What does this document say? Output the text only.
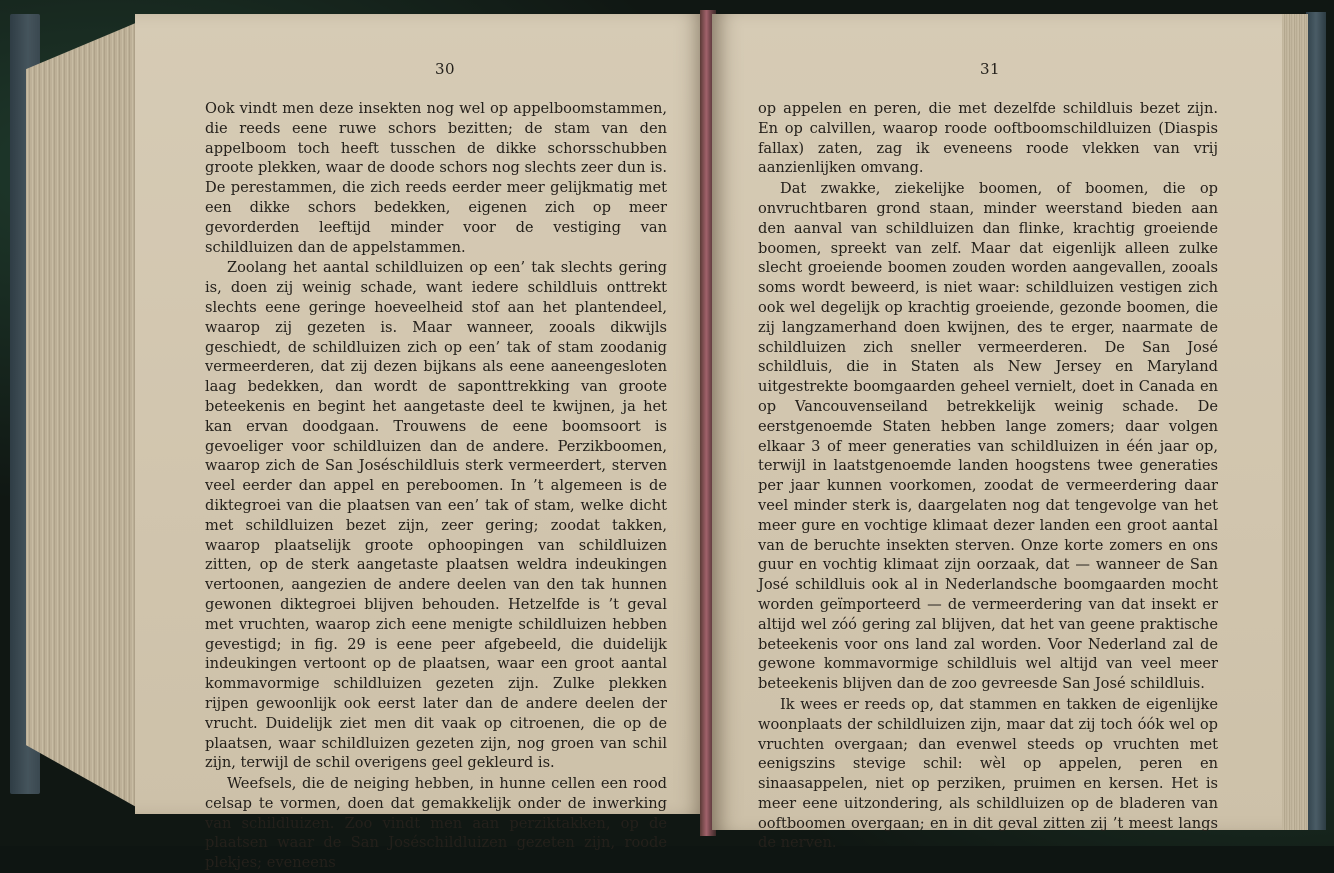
30

Ook vindt men deze insekten nog wel op appelboomstammen, die reeds eene ruwe schors bezitten; de stam van den appelboom toch heeft tusschen de dikke schorsschubben groote plekken, waar de doode schors nog slechts zeer dun is. De perestammen, die zich reeds eerder meer gelijkmatig met een dikke schors bedekken, eigenen zich op meer gevorderden leeftijd minder voor de vestiging van schildluizen dan de appelstammen.

Zoolang het aantal schildluizen op een’ tak slechts gering is, doen zij weinig schade, want iedere schildluis onttrekt slechts eene geringe hoeveelheid stof aan het plantendeel, waarop zij gezeten is. Maar wanneer, zooals dikwijls geschiedt, de schildluizen zich op een’ tak of stam zoodanig vermeerderen, dat zij dezen bijkans als eene aaneengesloten laag bedekken, dan wordt de saponttrekking van groote beteekenis en begint het aangetaste deel te kwijnen, ja het kan ervan doodgaan. Trouwens de eene boomsoort is gevoeliger voor schildluizen dan de andere. Perzikboomen, waarop zich de San Joséschildluis sterk vermeerdert, sterven veel eerder dan appel en pereboomen. In ’t algemeen is de diktegroei van die plaatsen van een’ tak of stam, welke dicht met schildluizen bezet zijn, zeer gering; zoodat takken, waarop plaatselijk groote ophoopingen van schildluizen zitten, op de sterk aangetaste plaatsen weldra indeukingen vertoonen, aangezien de andere deelen van den tak hunnen gewonen diktegroei blijven behouden. Hetzelfde is ’t geval met vruchten, waarop zich eene menigte schildluizen hebben gevestigd; in fig. 29 is eene peer afgebeeld, die duidelijk indeukingen vertoont op de plaatsen, waar een groot aantal kommavormige schildluizen gezeten zijn. Zulke plekken rijpen gewoonlijk ook eerst later dan de andere deelen der vrucht. Duidelijk ziet men dit vaak op citroenen, die op de plaatsen, waar schildluizen gezeten zijn, nog groen van schil zijn, terwijl de schil overigens geel gekleurd is.

Weefsels, die de neiging hebben, in hunne cellen een rood celsap te vormen, doen dat gemakkelijk onder de inwerking van schildluizen. Zoo vindt men aan perziktakken, op de plaatsen waar de San Joséschildluizen gezeten zijn, roode plekjes; eveneens

31

op appelen en peren, die met dezelfde schildluis bezet zijn. En op calvillen, waarop roode ooftboomschildluizen (Diaspis fallax) zaten, zag ik eveneens roode vlekken van vrij aanzienlijken omvang.

Dat zwakke, ziekelijke boomen, of boomen, die op onvruchtbaren grond staan, minder weerstand bieden aan den aanval van schildluizen dan flinke, krachtig groeiende boomen, spreekt van zelf. Maar dat eigenlijk alleen zulke slecht groeiende boomen zouden worden aangevallen, zooals soms wordt beweerd, is niet waar: schildluizen vestigen zich ook wel degelijk op krachtig groeiende, gezonde boomen, die zij langzamerhand doen kwijnen, des te erger, naarmate de schildluizen zich sneller vermeerderen. De San José schildluis, die in Staten als New Jersey en Maryland uitgestrekte boomgaarden geheel vernielt, doet in Canada en op Vancouvenseiland betrekkelijk weinig schade. De eerstgenoemde Staten hebben lange zomers; daar volgen elkaar 3 of meer generaties van schildluizen in één jaar op, terwijl in laatstgenoemde landen hoogstens twee generaties per jaar kunnen voorkomen, zoodat de vermeerdering daar veel minder sterk is, daargelaten nog dat tengevolge van het meer gure en vochtige klimaat dezer landen een groot aantal van de beruchte insekten sterven. Onze korte zomers en ons guur en vochtig klimaat zijn oorzaak, dat — wanneer de San José schildluis ook al in Nederlandsche boomgaarden mocht worden geïmporteerd — de vermeerdering van dat insekt er altijd wel zóó gering zal blijven, dat het van geene praktische beteekenis voor ons land zal worden. Voor Nederland zal de gewone kommavormige schildluis wel altijd van veel meer beteekenis blijven dan de zoo gevreesde San José schildluis.

Ik wees er reeds op, dat stammen en takken de eigenlijke woonplaats der schildluizen zijn, maar dat zij toch óók wel op vruchten overgaan; dan evenwel steeds op vruchten met eenigszins stevige schil: wèl op appelen, peren en sinaasappelen, niet op perziken, pruimen en kersen. Het is meer eene uitzondering, als schildluizen op de bladeren van ooftboomen overgaan; en in dit geval zitten zij ’t meest langs de nerven.
